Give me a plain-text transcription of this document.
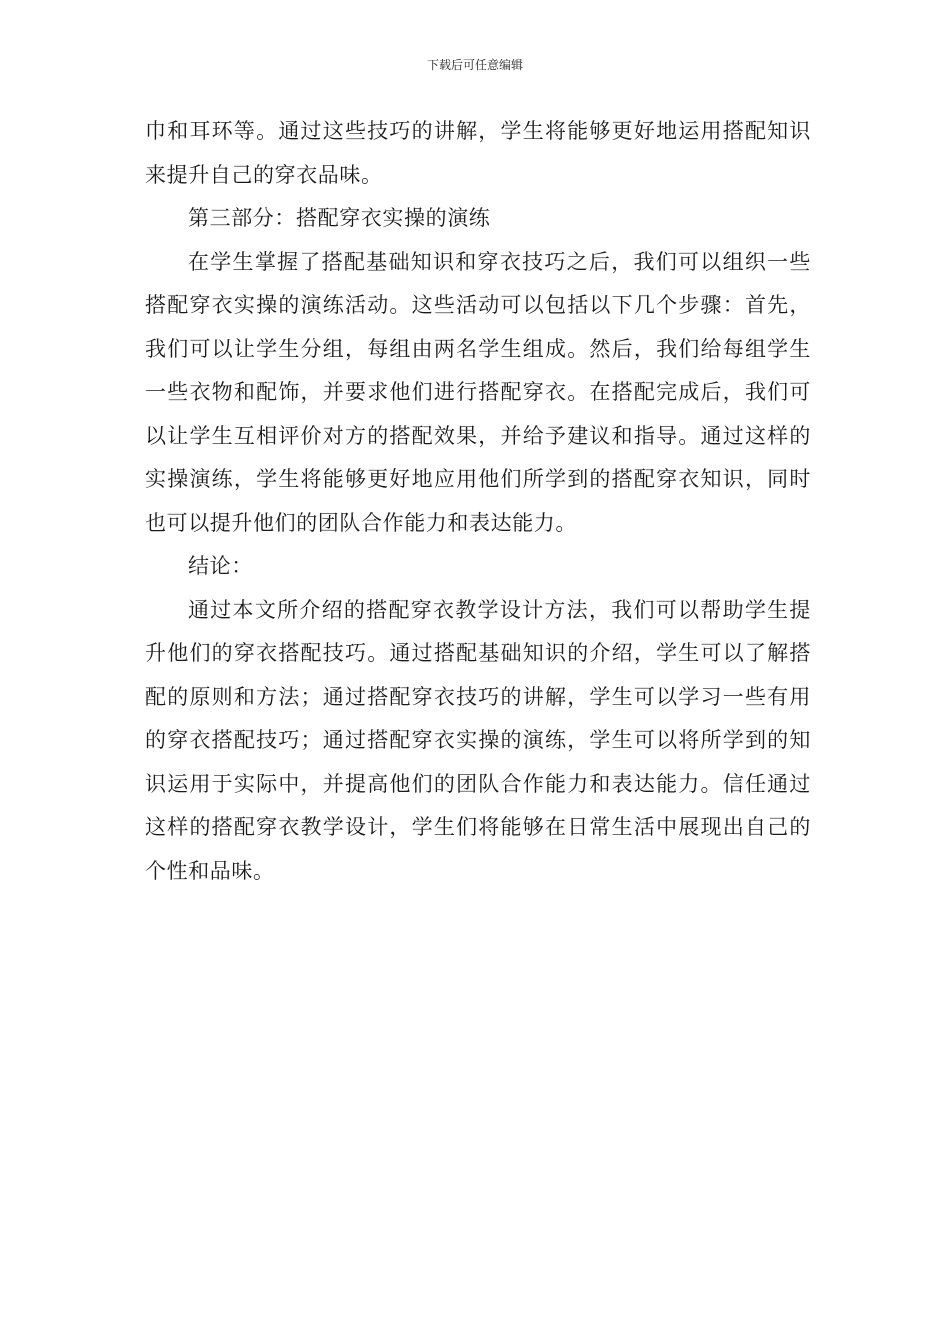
下载后可任意编辑

巾和耳环等。通过这些技巧的讲解，学生将能够更好地运用搭配知识来提升自己的穿衣品味。

第三部分：搭配穿衣实操的演练

在学生掌握了搭配基础知识和穿衣技巧之后，我们可以组织一些搭配穿衣实操的演练活动。这些活动可以包括以下几个步骤：首先，我们可以让学生分组，每组由两名学生组成。然后，我们给每组学生一些衣物和配饰，并要求他们进行搭配穿衣。在搭配完成后，我们可以让学生互相评价对方的搭配效果，并给予建议和指导。通过这样的实操演练，学生将能够更好地应用他们所学到的搭配穿衣知识，同时也可以提升他们的团队合作能力和表达能力。

结论：

通过本文所介绍的搭配穿衣教学设计方法，我们可以帮助学生提升他们的穿衣搭配技巧。通过搭配基础知识的介绍，学生可以了解搭配的原则和方法；通过搭配穿衣技巧的讲解，学生可以学习一些有用的穿衣搭配技巧；通过搭配穿衣实操的演练，学生可以将所学到的知识运用于实际中，并提高他们的团队合作能力和表达能力。信任通过这样的搭配穿衣教学设计，学生们将能够在日常生活中展现出自己的个性和品味。
